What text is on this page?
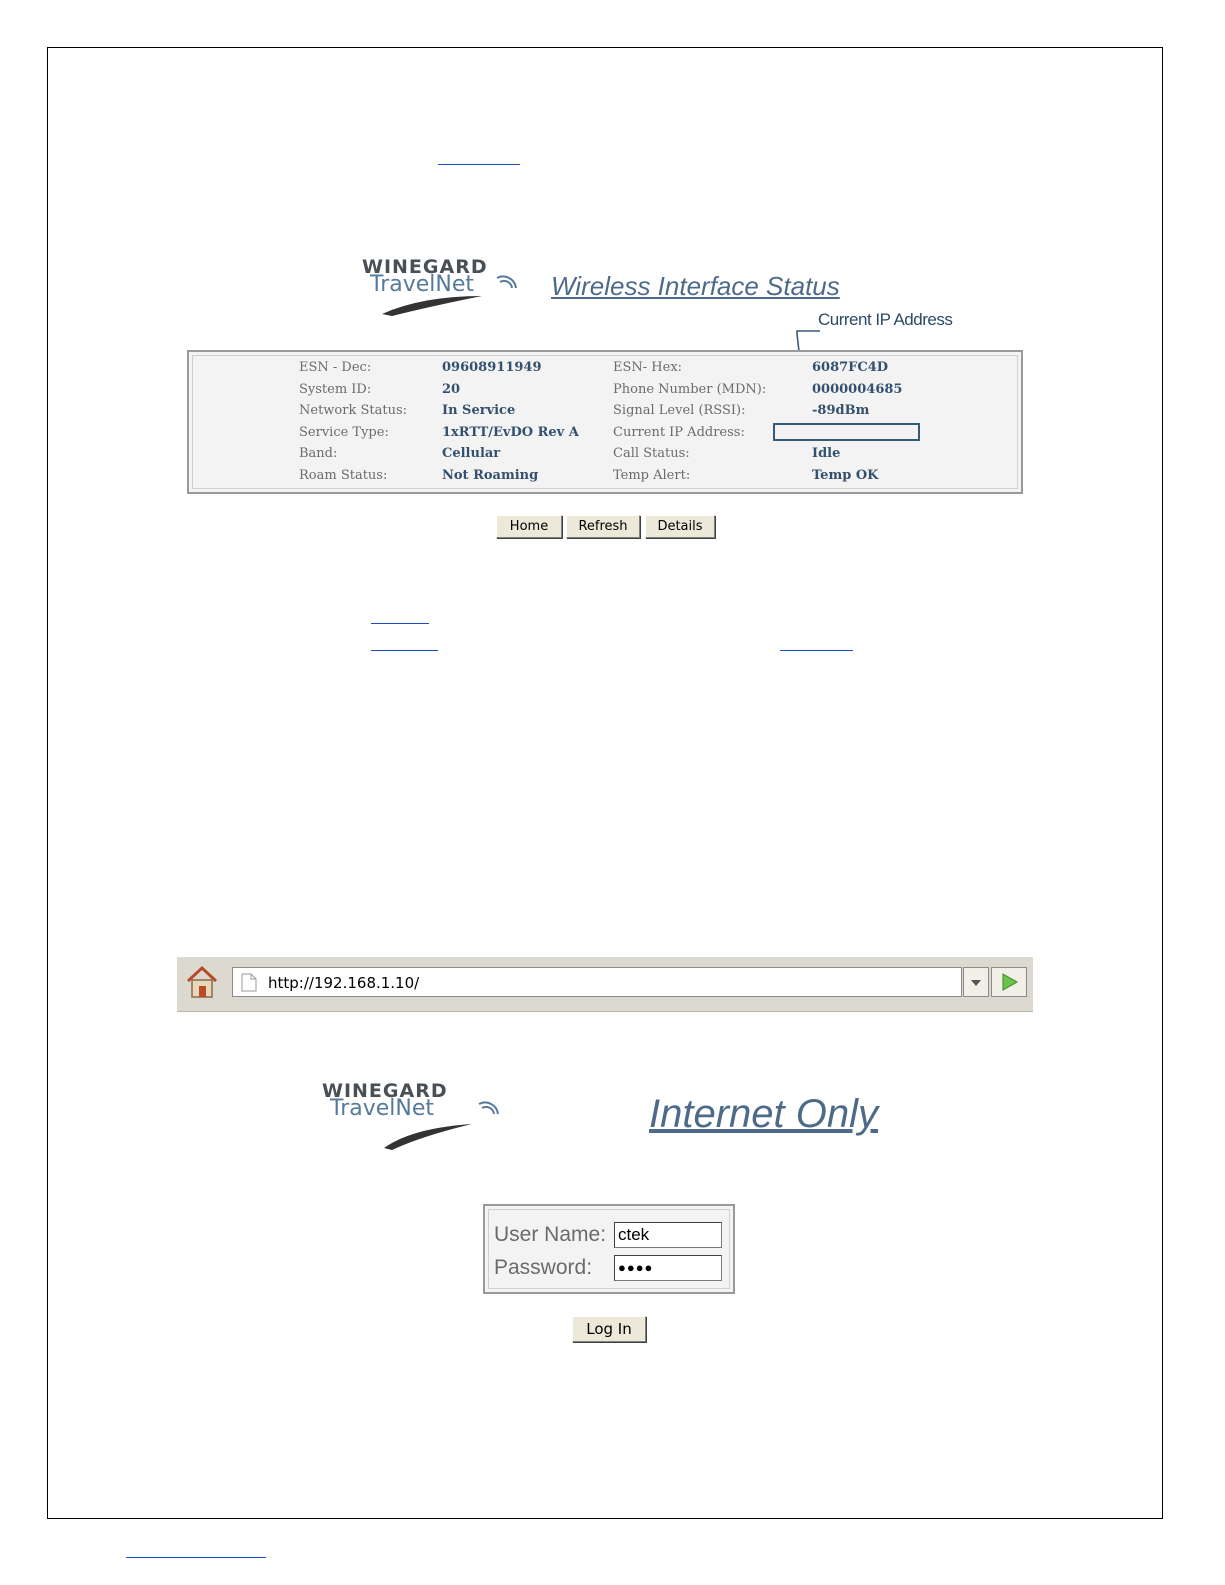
WINEGARD
TravelNet	Wireless Interface Status
Current IP Address
ESN - Dec:	09608911949	ESN- Hex:	6087FC4D
System ID:	20	Phone Number (MDN):	0000004685
Network Status:	In Service	Signal Level (RSSI):	-89dBm
Service Type:	1xRTT/EvDO Rev A	Current IP Address:
Band:	Cellular	Call Status:	Idle
Roam Status:	Not Roaming	Temp Alert:	Temp OK
Home	Refresh	Details
http://192.168.1.10/
WINEGARD
TravelNet	Internet Only
User Name: ctek
Password:	●●●●
Log In
